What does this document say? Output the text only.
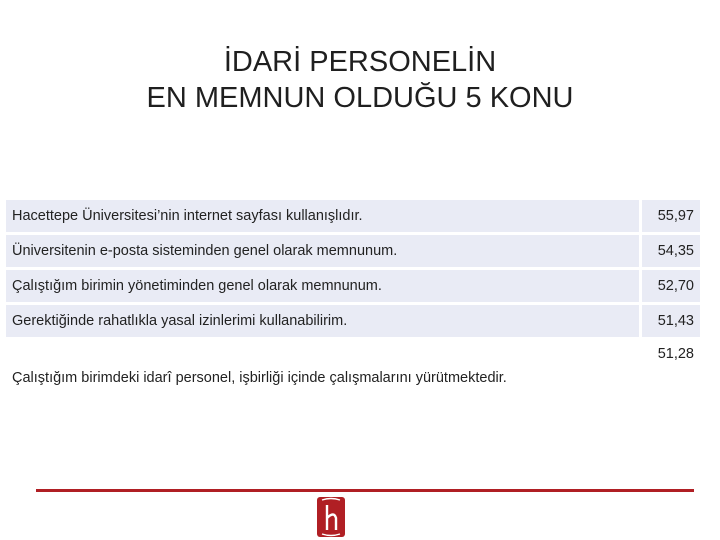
İDARİ PERSONELİN
EN MEMNUN OLDUĞU 5 KONU
Hacettepe Üniversitesi’nin internet sayfası kullanışlıdır.	55,97
Üniversitenin e-posta sisteminden genel olarak memnunum.	54,35
Çalıştığım birimin yönetiminden genel olarak memnunum.	52,70
Gerektiğinde rahatlıkla yasal izinlerimi kullanabilirim.	51,43
Çalıştığım birimdeki idarî personel, işbirliği içinde çalışmalarını yürütmektedir.	51,28
